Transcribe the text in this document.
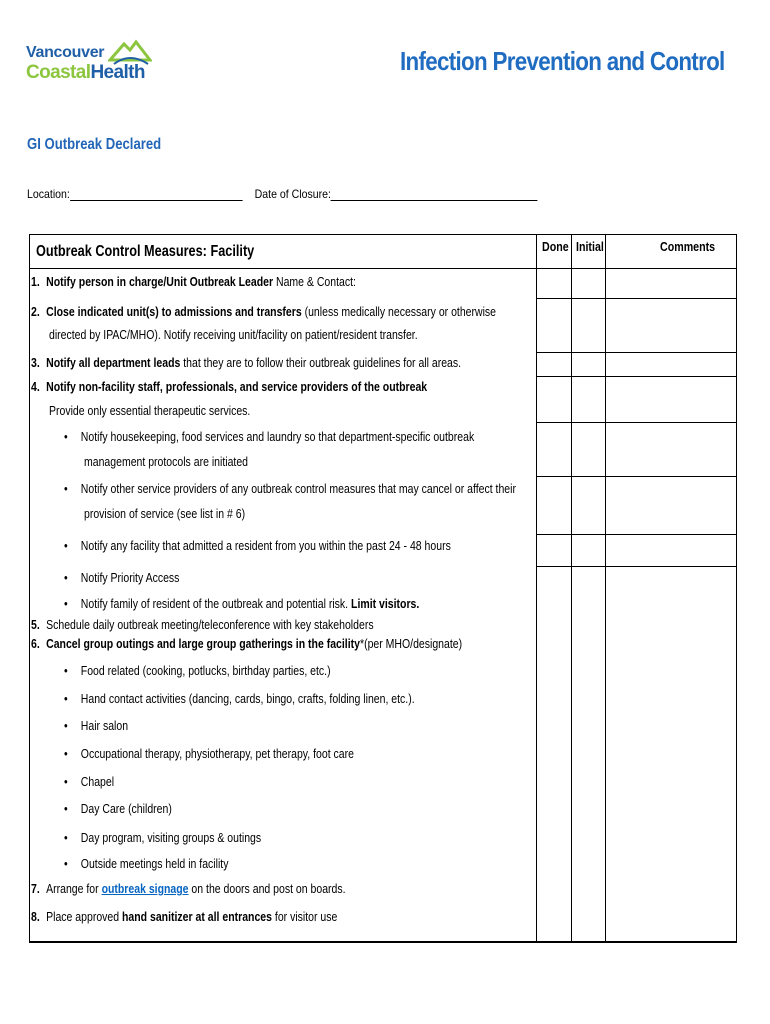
Vancouver
CoastalHealth	Infection Prevention and Control
GI Outbreak Declared
Location:	Date of Closure:
Outbreak Control Measures: Facility	Done Initial	Comments
1. Notify person in charge/Unit Outbreak Leader Name & Contact:
2. Close indicated unit(s) to admissions and transfers (unless medically necessary or otherwise
directed by IPAC/MHO). Notify receiving unit/facility on patient/resident transfer.
3. Notify all department leads that they are to follow their outbreak guidelines for all areas.
4. Notify non-facility staff, professionals, and service providers of the outbreak
Provide only essential therapeutic services.
• Notify housekeeping, food services and laundry so that department-specific outbreak
management protocols are initiated
• Notify other service providers of any outbreak control measures that may cancel or affect their
provision of service (see list in # 6)
• Notify any facility that admitted a resident from you within the past 24 - 48 hours
• Notify Priority Access
• Notify family of resident of the outbreak and potential risk. Limit visitors.
5. Schedule daily outbreak meeting/teleconference with key stakeholders
6. Cancel group outings and large group gatherings in the facility*(per MHO/designate)
• Food related (cooking, potlucks, birthday parties, etc.)
• Hand contact activities (dancing, cards, bingo, crafts, folding linen, etc.).
• Hair salon
• Occupational therapy, physiotherapy, pet therapy, foot care
• Chapel
• Day Care (children)
• Day program, visiting groups & outings
• Outside meetings held in facility
7. Arrange for outbreak signage on the doors and post on boards.
8. Place approved hand sanitizer at all entrances for visitor use
